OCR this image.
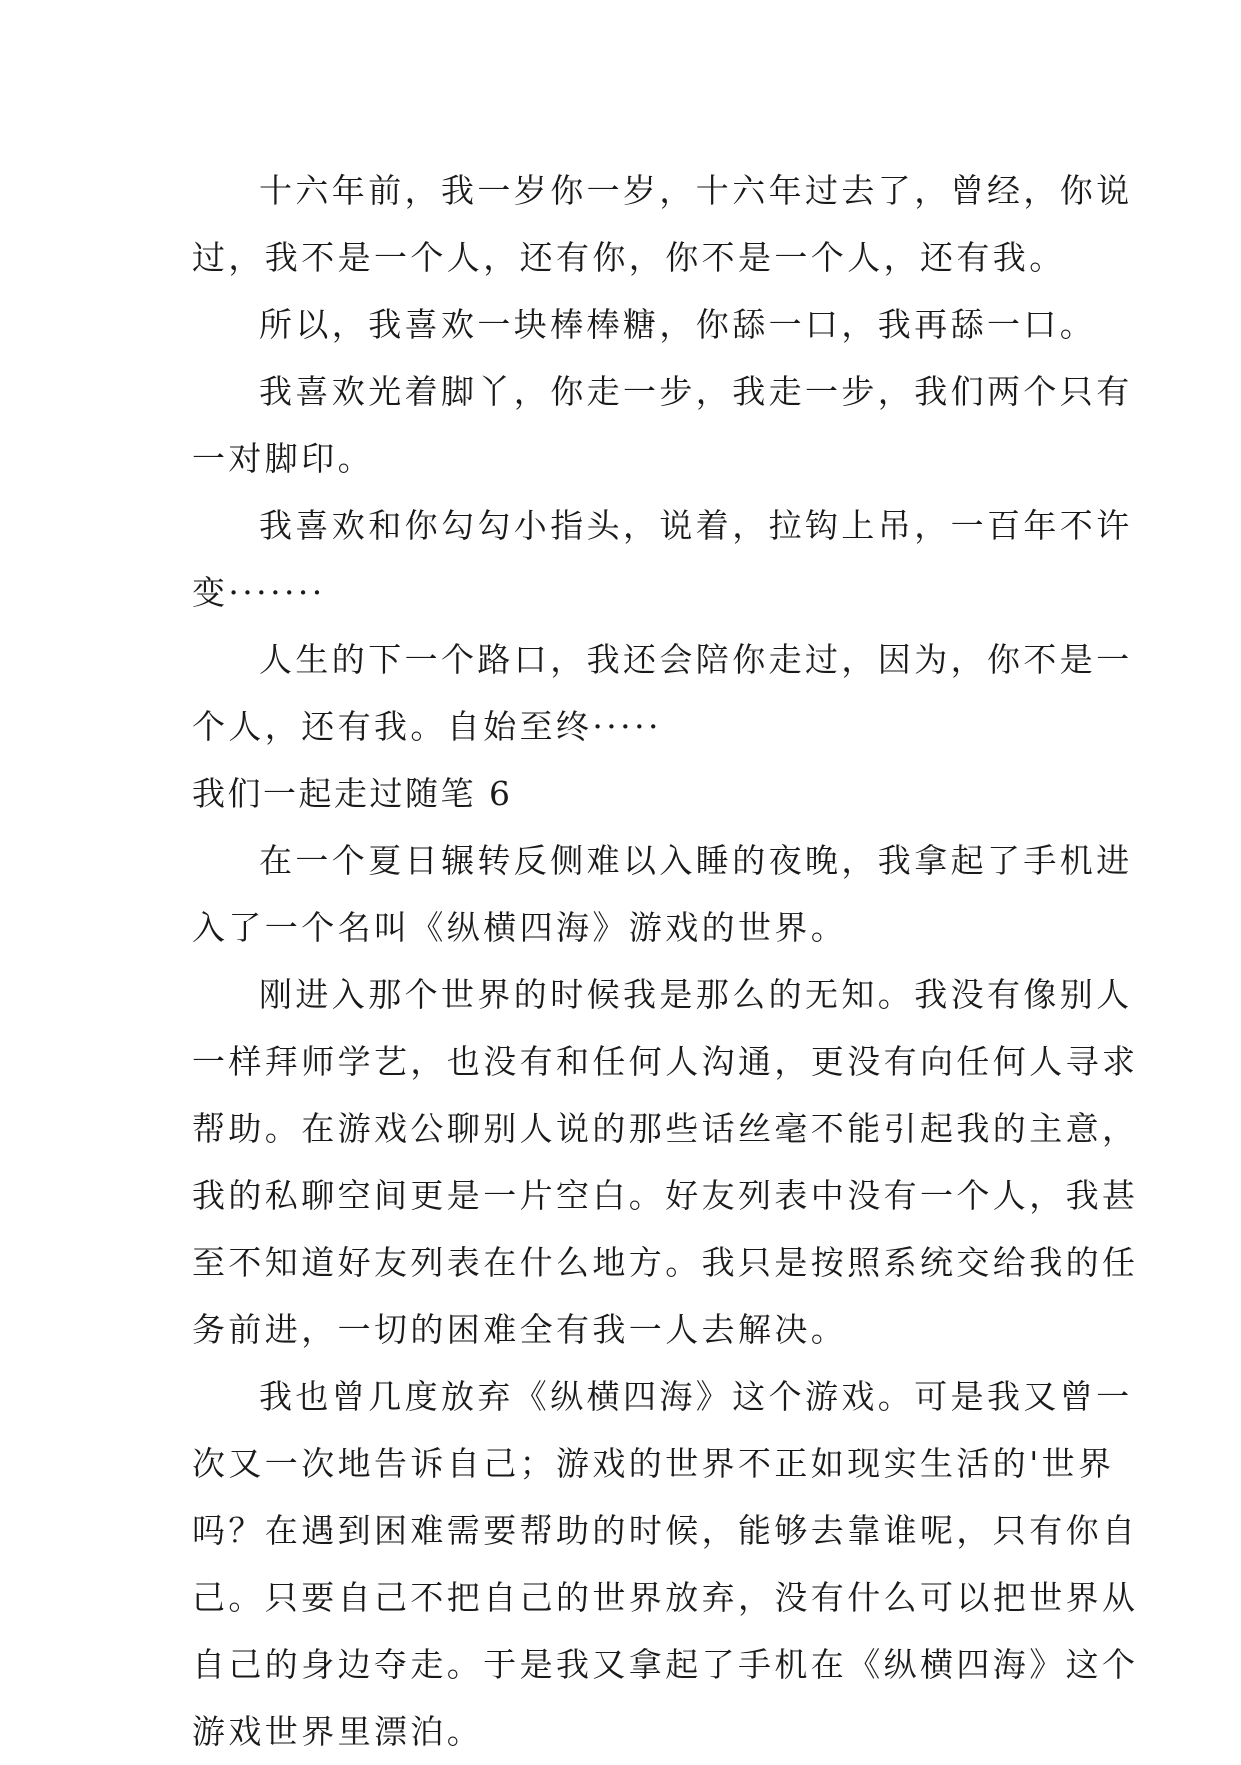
十六年前，我一岁你一岁，十六年过去了，曾经，你说
过，我不是一个人，还有你，你不是一个人，还有我。
所以，我喜欢一块棒棒糖，你舔一口，我再舔一口。
我喜欢光着脚丫，你走一步，我走一步，我们两个只有
一对脚印。
我喜欢和你勾勾小指头，说着，拉钩上吊，一百年不许
变·······
人生的下一个路口，我还会陪你走过，因为，你不是一
个人，还有我。自始至终·····
我们一起走过随笔 6
在一个夏日辗转反侧难以入睡的夜晚，我拿起了手机进
入了一个名叫《纵横四海》游戏的世界。
刚进入那个世界的时候我是那么的无知。我没有像别人
一样拜师学艺，也没有和任何人沟通，更没有向任何人寻求
帮助。在游戏公聊别人说的那些话丝毫不能引起我的主意，
我的私聊空间更是一片空白。好友列表中没有一个人，我甚
至不知道好友列表在什么地方。我只是按照系统交给我的任
务前进，一切的困难全有我一人去解决。
我也曾几度放弃《纵横四海》这个游戏。可是我又曾一
次又一次地告诉自己；游戏的世界不正如现实生活的'世界
吗？在遇到困难需要帮助的时候，能够去靠谁呢，只有你自
己。只要自己不把自己的世界放弃，没有什么可以把世界从
自己的身边夺走。于是我又拿起了手机在《纵横四海》这个
游戏世界里漂泊。
